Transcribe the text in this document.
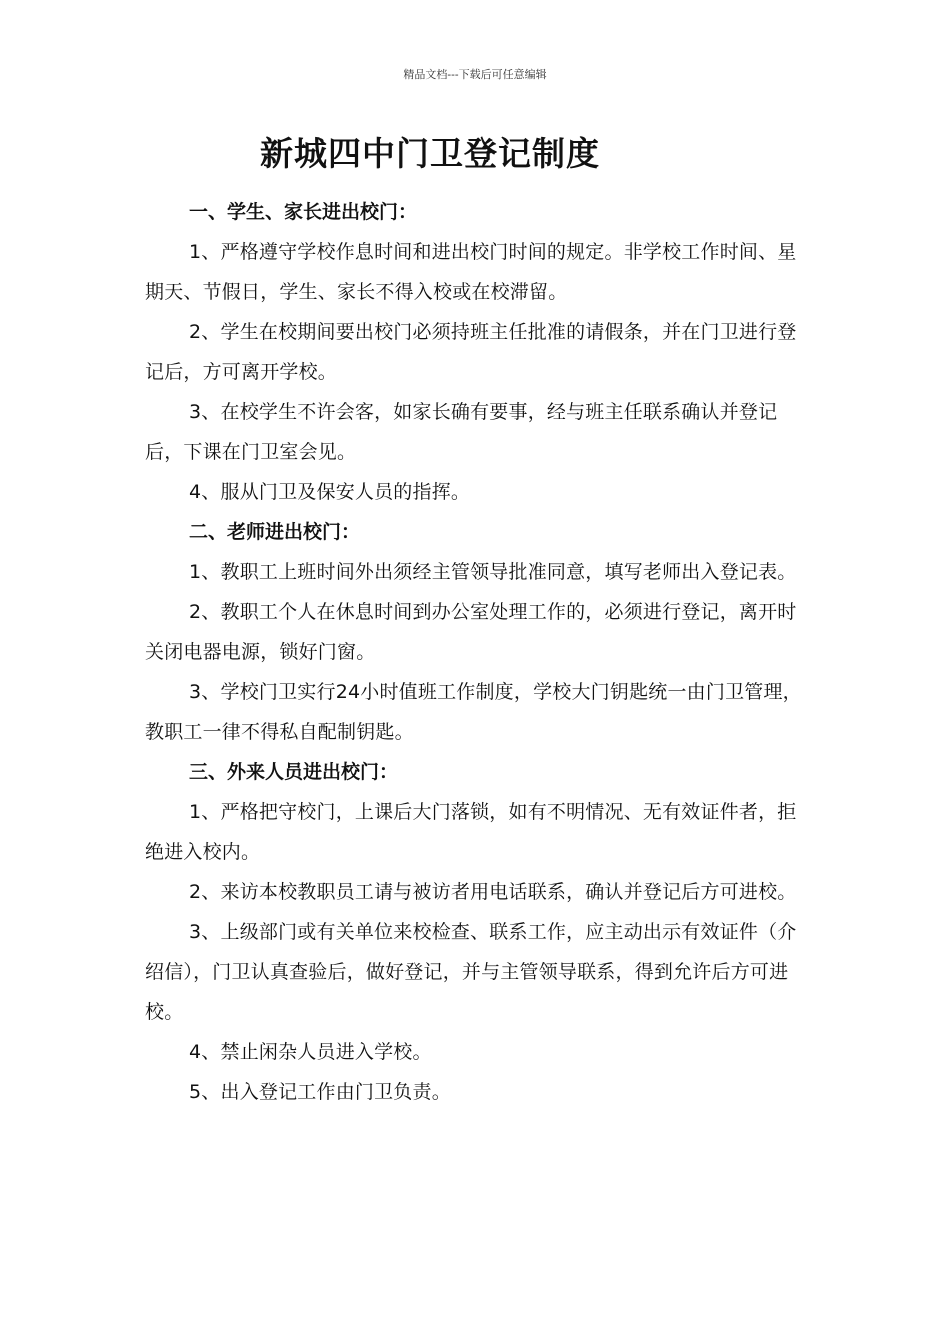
精品文档---下载后可任意编辑
新城四中门卫登记制度
一、学生、家长进出校门：
1、严格遵守学校作息时间和进出校门时间的规定。非学校工作时间、星期天、节假日，学生、家长不得入校或在校滞留。
2、学生在校期间要出校门必须持班主任批准的请假条，并在门卫进行登记后，方可离开学校。
3、在校学生不许会客，如家长确有要事，经与班主任联系确认并登记后，下课在门卫室会见。
4、服从门卫及保安人员的指挥。
二、老师进出校门：
1、教职工上班时间外出须经主管领导批准同意，填写老师出入登记表。
2、教职工个人在休息时间到办公室处理工作的，必须进行登记，离开时关闭电器电源，锁好门窗。
3、学校门卫实行24小时值班工作制度，学校大门钥匙统一由门卫管理，教职工一律不得私自配制钥匙。
三、外来人员进出校门：
1、严格把守校门，上课后大门落锁，如有不明情况、无有效证件者，拒绝进入校内。
2、来访本校教职员工请与被访者用电话联系，确认并登记后方可进校。
3、上级部门或有关单位来校检查、联系工作，应主动出示有效证件（介绍信），门卫认真查验后，做好登记，并与主管领导联系，得到允许后方可进校。
4、禁止闲杂人员进入学校。
5、出入登记工作由门卫负责。
